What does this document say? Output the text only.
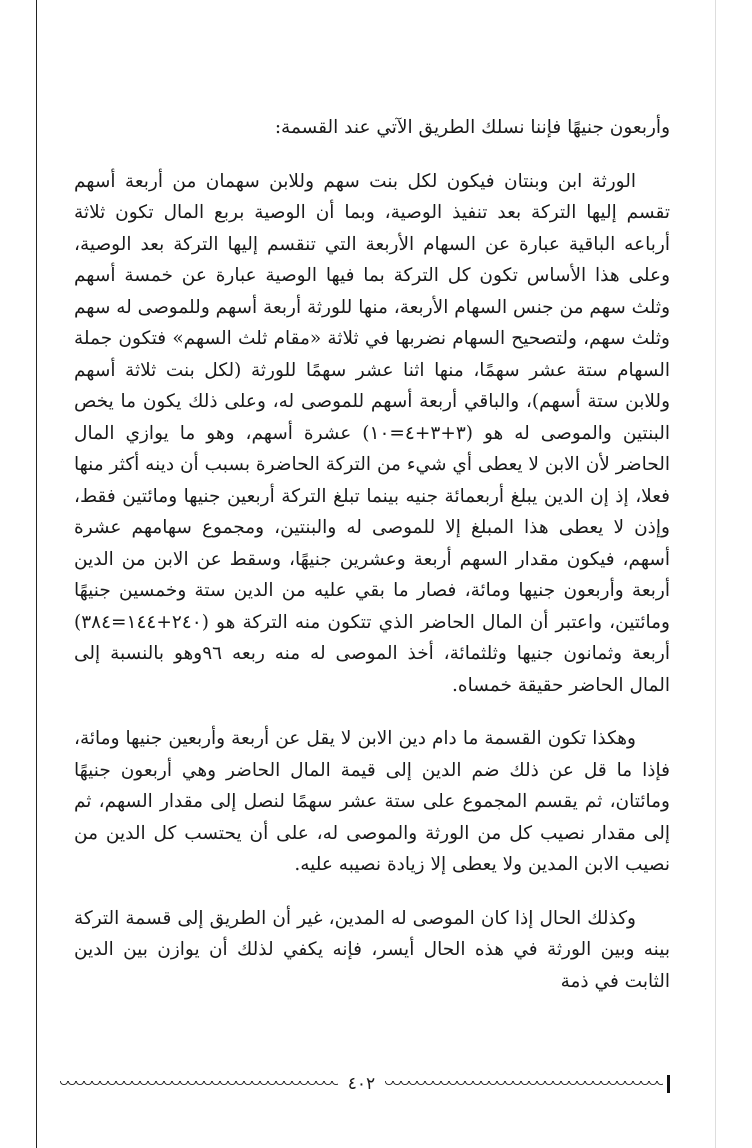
وأربعون جنيهًا فإننا نسلك الطريق الآتي عند القسمة:

الورثة ابن وبنتان فيكون لكل بنت سهم وللابن سهمان من أربعة أسهم تقسم إليها التركة بعد تنفيذ الوصية، وبما أن الوصية بربع المال تكون ثلاثة أرباعه الباقية عبارة عن السهام الأربعة التي تنقسم إليها التركة بعد الوصية، وعلى هذا الأساس تكون كل التركة بما فيها الوصية عبارة عن خمسة أسهم وثلث سهم من جنس السهام الأربعة، منها للورثة أربعة أسهم وللموصى له سهم وثلث سهم، ولتصحيح السهام نضربها في ثلاثة «مقام ثلث السهم» فتكون جملة السهام ستة عشر سهمًا، منها اثنا عشر سهمًا للورثة (لكل بنت ثلاثة أسهم وللابن ستة أسهم)، والباقي أربعة أسهم للموصى له، وعلى ذلك يكون ما يخص البنتين والموصى له هو (٣+٣+٤=١٠) عشرة أسهم، وهو ما يوازي المال الحاضر لأن الابن لا يعطى أي شيء من التركة الحاضرة بسبب أن دينه أكثر منها فعلا، إذ إن الدين يبلغ أربعمائة جنيه بينما تبلغ التركة أربعين جنيها ومائتين فقط، وإذن لا يعطى هذا المبلغ إلا للموصى له والبنتين، ومجموع سهامهم عشرة أسهم، فيكون مقدار السهم أربعة وعشرين جنيهًا، وسقط عن الابن من الدين أربعة وأربعون جنيها ومائة، فصار ما بقي عليه من الدين ستة وخمسين جنيهًا ومائتين، واعتبر أن المال الحاضر الذي تتكون منه التركة هو (٢٤٠+١٤٤=٣٨٤) أربعة وثمانون جنيها وثلثمائة، أخذ الموصى له منه ربعه ٩٦وهو بالنسبة إلى المال الحاضر حقيقة خمساه.

وهكذا تكون القسمة ما دام دين الابن لا يقل عن أربعة وأربعين جنيها ومائة، فإذا ما قل عن ذلك ضم الدين إلى قيمة المال الحاضر وهي أربعون جنيهًا ومائتان، ثم يقسم المجموع على ستة عشر سهمًا لنصل إلى مقدار السهم، ثم إلى مقدار نصيب كل من الورثة والموصى له، على أن يحتسب كل الدين من نصيب الابن المدين ولا يعطى إلا زيادة نصيبه عليه.

وكذلك الحال إذا كان الموصى له المدين، غير أن الطريق إلى قسمة التركة بينه وبين الورثة في هذه الحال أيسر، فإنه يكفي لذلك أن يوازن بين الدين الثابت في ذمة

٤٠٢
